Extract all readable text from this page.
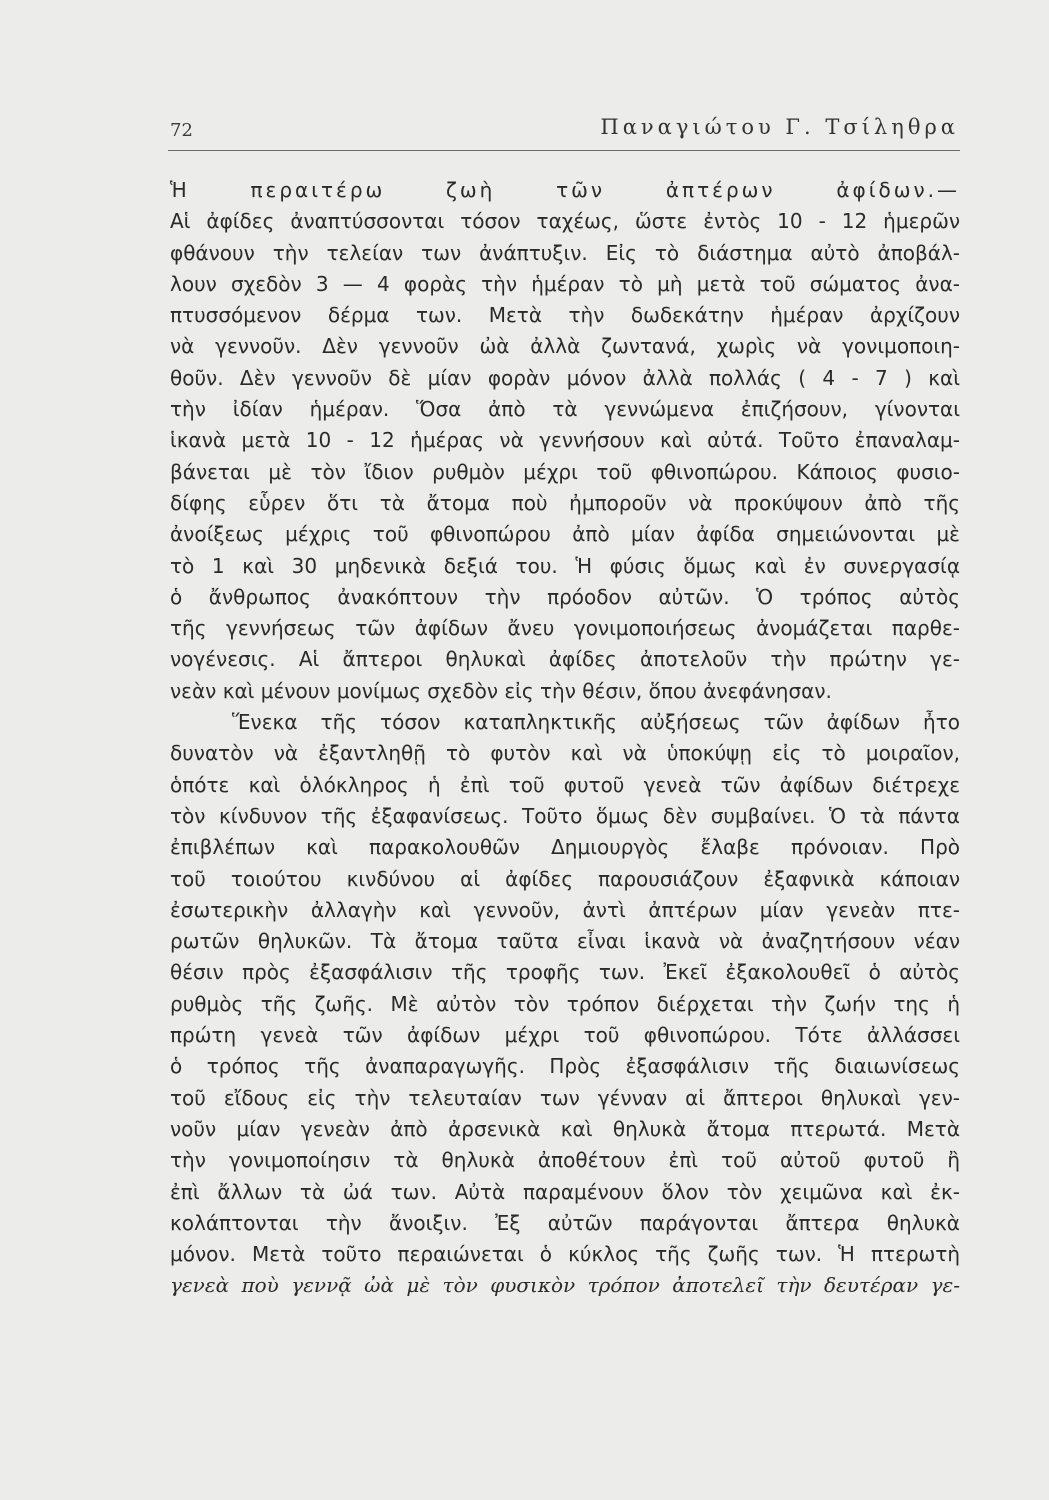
72	Παναγιώτου Γ. Τσίληθρα
Ἡ περαιτέρω ζωὴ τῶν ἀπτέρων ἀφίδων.—
Αἱ ἀφίδες ἀναπτύσσονται τόσον ταχέως, ὥστε ἐντὸς 10 - 12 ἡμερῶν
φθάνουν τὴν τελείαν των ἀνάπτυξιν. Εἰς τὸ διάστημα αὐτὸ ἀποβάλ-
λουν σχεδὸν 3 — 4 φορὰς τὴν ἡμέραν τὸ μὴ μετὰ τοῦ σώματος ἀνα-
πτυσσόμενον δέρμα των. Μετὰ τὴν δωδεκάτην ἡμέραν ἀρχίζουν
νὰ γεννοῦν. Δὲν γεννοῦν ὠὰ ἀλλὰ ζωντανά, χωρὶς νὰ γονιμοποιη-
θοῦν. Δὲν γεννοῦν δὲ μίαν φορὰν μόνον ἀλλὰ πολλάς ( 4 - 7 ) καὶ
τὴν ἰδίαν ἡμέραν. Ὅσα ἀπὸ τὰ γεννώμενα ἐπιζήσουν, γίνονται
ἱκανὰ μετὰ 10 - 12 ἡμέρας νὰ γεννήσουν καὶ αὐτά. Τοῦτο ἐπαναλαμ-
βάνεται μὲ τὸν ἴδιον ρυθμὸν μέχρι τοῦ φθινοπώρου. Κάποιος φυσιο-
δίφης εὗρεν ὅτι τὰ ἄτομα ποὺ ἠμποροῦν νὰ προκύψουν ἀπὸ τῆς
ἀνοίξεως μέχρις τοῦ φθινοπώρου ἀπὸ μίαν ἀφίδα σημειώνονται μὲ
τὸ 1 καὶ 30 μηδενικὰ δεξιά του. Ἡ φύσις ὅμως καὶ ἐν συνεργασίᾳ
ὁ ἄνθρωπος ἀνακόπτουν τὴν πρόοδον αὐτῶν. Ὁ τρόπος αὐτὸς
τῆς γεννήσεως τῶν ἀφίδων ἄνευ γονιμοποιήσεως ἀνομάζεται παρθε-
νογένεσις. Αἱ ἄπτεροι θηλυκαὶ ἀφίδες ἀποτελοῦν τὴν πρώτην γε-
νεὰν καὶ μένουν μονίμως σχεδὸν εἰς τὴν θέσιν, ὅπου ἀνεφάνησαν.
Ἕνεκα τῆς τόσον καταπληκτικῆς αὐξήσεως τῶν ἀφίδων ἦτο
δυνατὸν νὰ ἐξαντληθῇ τὸ φυτὸν καὶ νὰ ὑποκύψῃ εἰς τὸ μοιραῖον,
ὁπότε καὶ ὁλόκληρος ἡ ἐπὶ τοῦ φυτοῦ γενεὰ τῶν ἀφίδων διέτρεχε
τὸν κίνδυνον τῆς ἐξαφανίσεως. Τοῦτο ὅμως δὲν συμβαίνει. Ὁ τὰ πάντα
ἐπιβλέπων καὶ παρακολουθῶν Δημιουργὸς ἔλαβε πρόνοιαν. Πρὸ
τοῦ τοιούτου κινδύνου αἱ ἀφίδες παρουσιάζουν ἐξαφνικὰ κάποιαν
ἐσωτερικὴν ἀλλαγὴν καὶ γεννοῦν, ἀντὶ ἀπτέρων μίαν γενεὰν πτε-
ρωτῶν θηλυκῶν. Τὰ ἄτομα ταῦτα εἶναι ἱκανὰ νὰ ἀναζητήσουν νέαν
θέσιν πρὸς ἐξασφάλισιν τῆς τροφῆς των. Ἐκεῖ ἐξακολουθεῖ ὁ αὐτὸς
ρυθμὸς τῆς ζωῆς. Μὲ αὐτὸν τὸν τρόπον διέρχεται τὴν ζωήν της ἡ
πρώτη γενεὰ τῶν ἀφίδων μέχρι τοῦ φθινοπώρου. Τότε ἀλλάσσει
ὁ τρόπος τῆς ἀναπαραγωγῆς. Πρὸς ἐξασφάλισιν τῆς διαιωνίσεως
τοῦ εἴδους εἰς τὴν τελευταίαν των γένναν αἱ ἄπτεροι θηλυκαὶ γεν-
νοῦν μίαν γενεὰν ἀπὸ ἀρσενικὰ καὶ θηλυκὰ ἄτομα πτερωτά. Μετὰ
τὴν γονιμοποίησιν τὰ θηλυκὰ ἀποθέτουν ἐπὶ τοῦ αὐτοῦ φυτοῦ ἢ
ἐπὶ ἄλλων τὰ ὠά των. Αὐτὰ παραμένουν ὅλον τὸν χειμῶνα καὶ ἐκ-
κολάπτονται τὴν ἄνοιξιν. Ἐξ αὐτῶν παράγονται ἄπτερα θηλυκὰ
μόνον. Μετὰ τοῦτο περαιώνεται ὁ κύκλος τῆς ζωῆς των. Ἡ πτερωτὴ
γενεὰ ποὺ γεννᾷ ὠὰ μὲ τὸν φυσικὸν τρόπον ἀποτελεῖ τὴν δευτέραν γε-
